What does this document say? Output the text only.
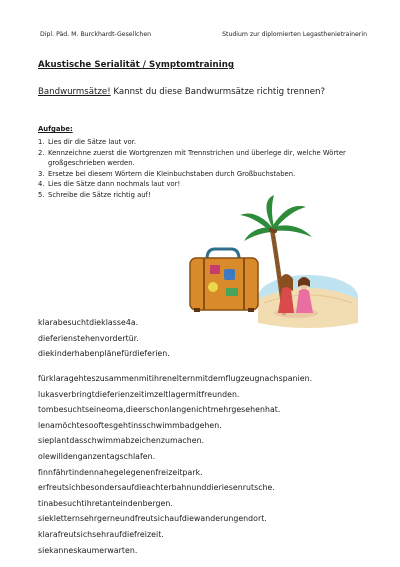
Dipl. Päd. M. Burckhardt-Gesellchen	Studium zur diplomierten Legasthenietrainerin
Akustische Serialität / Symptomtraining
Bandwurmsätze! Kannst du diese Bandwurmsätze richtig trennen?
Aufgabe:
1. Lies dir die Sätze laut vor.
2. Kennzeichne zuerst die Wortgrenzen mit Trennstrichen und überlege dir, welche Wörter großgeschrieben werden.
3. Ersetze bei diesem Wörtern die Kleinbuchstaben durch Großbuchstaben.
4. Lies die Sätze dann nochmals laut vor!
5. Schreibe die Sätze richtig auf!
klarabesuchtdieklasse4a.
dieferienstehenvordertür.
diekinderhabenplänefürdieferien.
fürklaragehteszusammenmitihrenelternmitdemflugzeugnachspanien.
lukasverbringtdieferienzeitimzeltlagermitfreunden.
tombesuchtseineoma,dieerschonlangenichtmehrgesehenhat.
lenamöchtesooftesgehtinsschwimmbadgehen.
sieplantdasschwimmabzeichenzumachen.
olewilldenganzentagschlafen.
finnfährtindennahegelegenenfreizeitpark.
erfreutsichbesondersaufdieachterbahnunddieriesenrutsche.
tinabesuchtihretanteindenbergen.
siekletternsehrgerneundfreutsichaufdiewanderungendort.
klarafreutsichsehraufdiefreizeit.
siekanneskaumerwarten.
